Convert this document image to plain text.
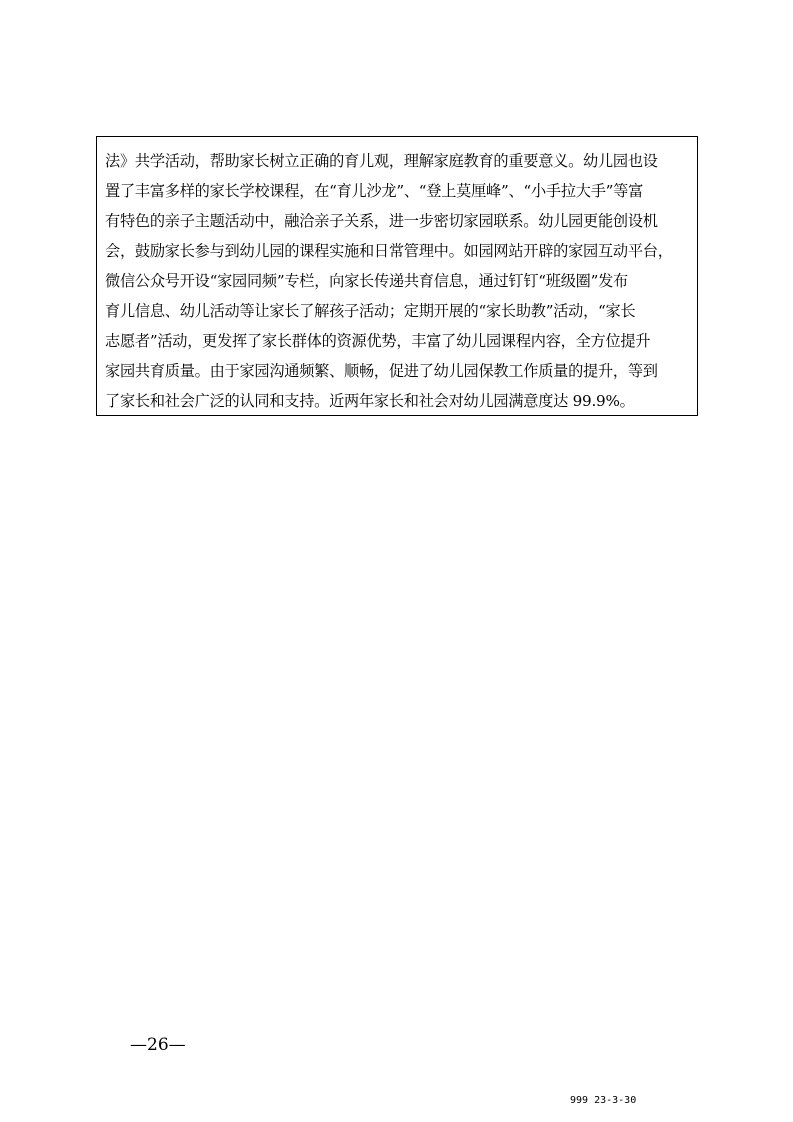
法》共学活动，帮助家长树立正确的育儿观，理解家庭教育的重要意义。幼儿园也设
置了丰富多样的家长学校课程，在“育儿沙龙”、“登上莫厘峰”、“小手拉大手”等富
有特色的亲子主题活动中，融洽亲子关系，进一步密切家园联系。幼儿园更能创设机
会，鼓励家长参与到幼儿园的课程实施和日常管理中。如园网站开辟的家园互动平台，
微信公众号开设“家园同频”专栏，向家长传递共育信息，通过钉钉“班级圈”发布
育儿信息、幼儿活动等让家长了解孩子活动；定期开展的“家长助教”活动，“家长
志愿者”活动，更发挥了家长群体的资源优势，丰富了幼儿园课程内容，全方位提升
家园共育质量。由于家园沟通频繁、顺畅，促进了幼儿园保教工作质量的提升，等到
了家长和社会广泛的认同和支持。近两年家长和社会对幼儿园满意度达 99.9%。
—26—
999 23-3-30
